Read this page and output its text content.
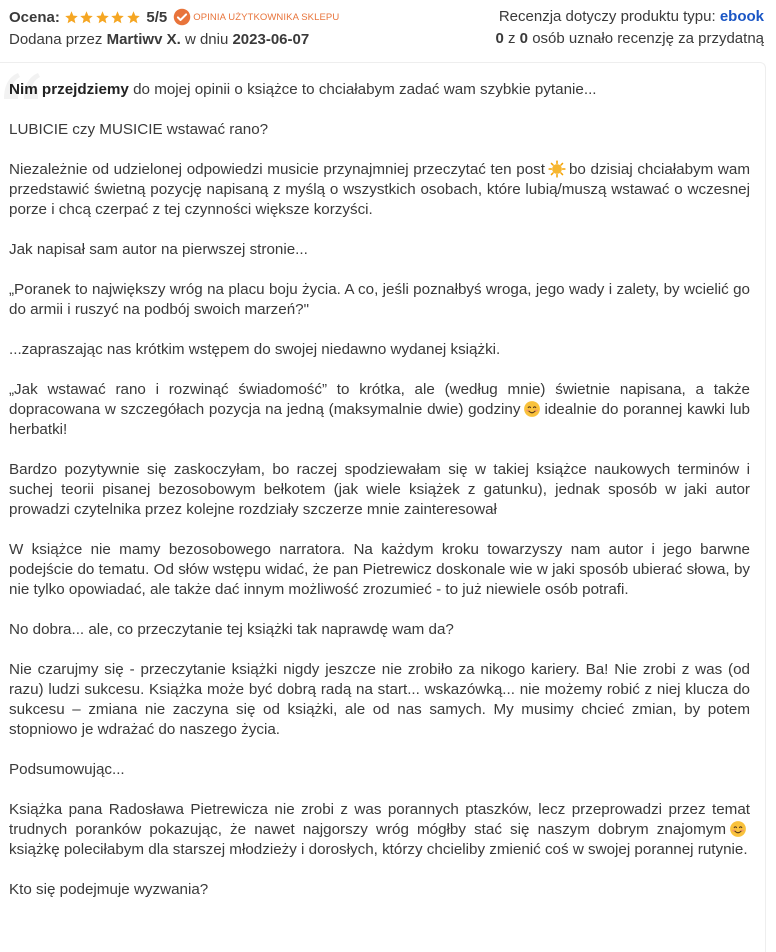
Ocena:	5/5	OPINIA UŻYTKOWNIKA SKLEPU
Dodana przez Martiwv X. w dniu 2023-06-07
Recenzja dotyczy produktu typu: ebook
0 z 0 osób uznało recenzję za przydatną

Nim przejdziemy do mojej opinii o książce to chciałabym zadać wam szybkie pytanie...

LUBICIE czy MUSICIE wstawać rano?

Niezależnie od udzielonej odpowiedzi musicie przynajmniej przeczytać ten post bo dzisiaj chciałabym wam przedstawić świetną pozycję napisaną z myślą o wszystkich osobach, które lubią/muszą wstawać o wczesnej porze i chcą czerpać z tej czynności większe korzyści.

Jak napisał sam autor na pierwszej stronie...

„Poranek to największy wróg na placu boju życia. A co, jeśli poznałbyś wroga, jego wady i zalety, by wcielić go do armii i ruszyć na podbój swoich marzeń?"

...zapraszając nas krótkim wstępem do swojej niedawno wydanej książki.

„Jak wstawać rano i rozwinąć świadomość” to krótka, ale (według mnie) świetnie napisana, a także dopracowana w szczegółach pozycja na jedną (maksymalnie dwie) godziny idealnie do porannej kawki lub herbatki!

Bardzo pozytywnie się zaskoczyłam, bo raczej spodziewałam się w takiej książce naukowych terminów i suchej teorii pisanej bezosobowym bełkotem (jak wiele książek z gatunku), jednak sposób w jaki autor prowadzi czytelnika przez kolejne rozdziały szczerze mnie zainteresował

W książce nie mamy bezosobowego narratora. Na każdym kroku towarzyszy nam autor i jego barwne podejście do tematu. Od słów wstępu widać, że pan Pietrewicz doskonale wie w jaki sposób ubierać słowa, by nie tylko opowiadać, ale także dać innym możliwość zrozumieć - to już niewiele osób potrafi.

No dobra... ale, co przeczytanie tej książki tak naprawdę wam da?

Nie czarujmy się - przeczytanie książki nigdy jeszcze nie zrobiło za nikogo kariery. Ba! Nie zrobi z was (od razu) ludzi sukcesu. Książka może być dobrą radą na start... wskazówką... nie możemy robić z niej klucza do sukcesu – zmiana nie zaczyna się od książki, ale od nas samych. My musimy chcieć zmian, by potem stopniowo je wdrażać do naszego życia.

Podsumowując...

Książka pana Radosława Pietrewicza nie zrobi z was porannych ptaszków, lecz przeprowadzi przez temat trudnych poranków pokazując, że nawet najgorszy wróg mógłby stać się naszym dobrym znajomymksiążkę poleciłabym dla starszej młodzieży i dorosłych, którzy chcieliby zmienić coś w swojej porannej rutynie.

Kto się podejmuje wyzwania?
